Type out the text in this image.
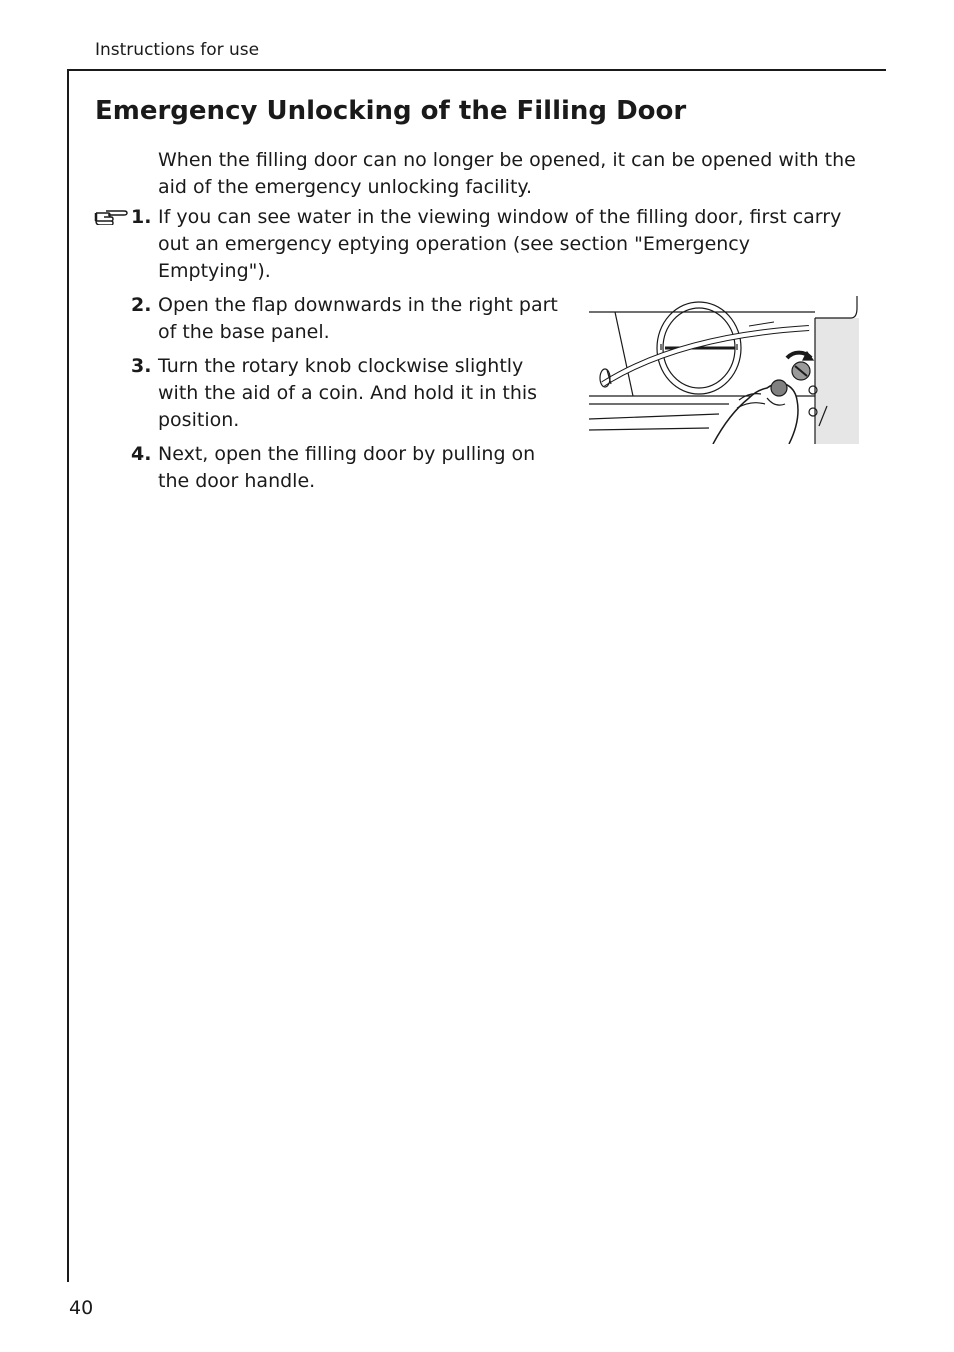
Instructions for use
Emergency Unlocking of the Filling Door
When the filling door can no longer be opened, it can be opened with the aid of the emergency unlocking facility.
1. If you can see water in the viewing window of the filling door, first carry out an emergency eptying operation (see section "Emergency Emptying").
2. Open the flap downwards in the right part of the base panel.
3. Turn the rotary knob clockwise slightly with the aid of a coin. And hold it in this position.
4. Next, open the filling door by pulling on the door handle.
40
